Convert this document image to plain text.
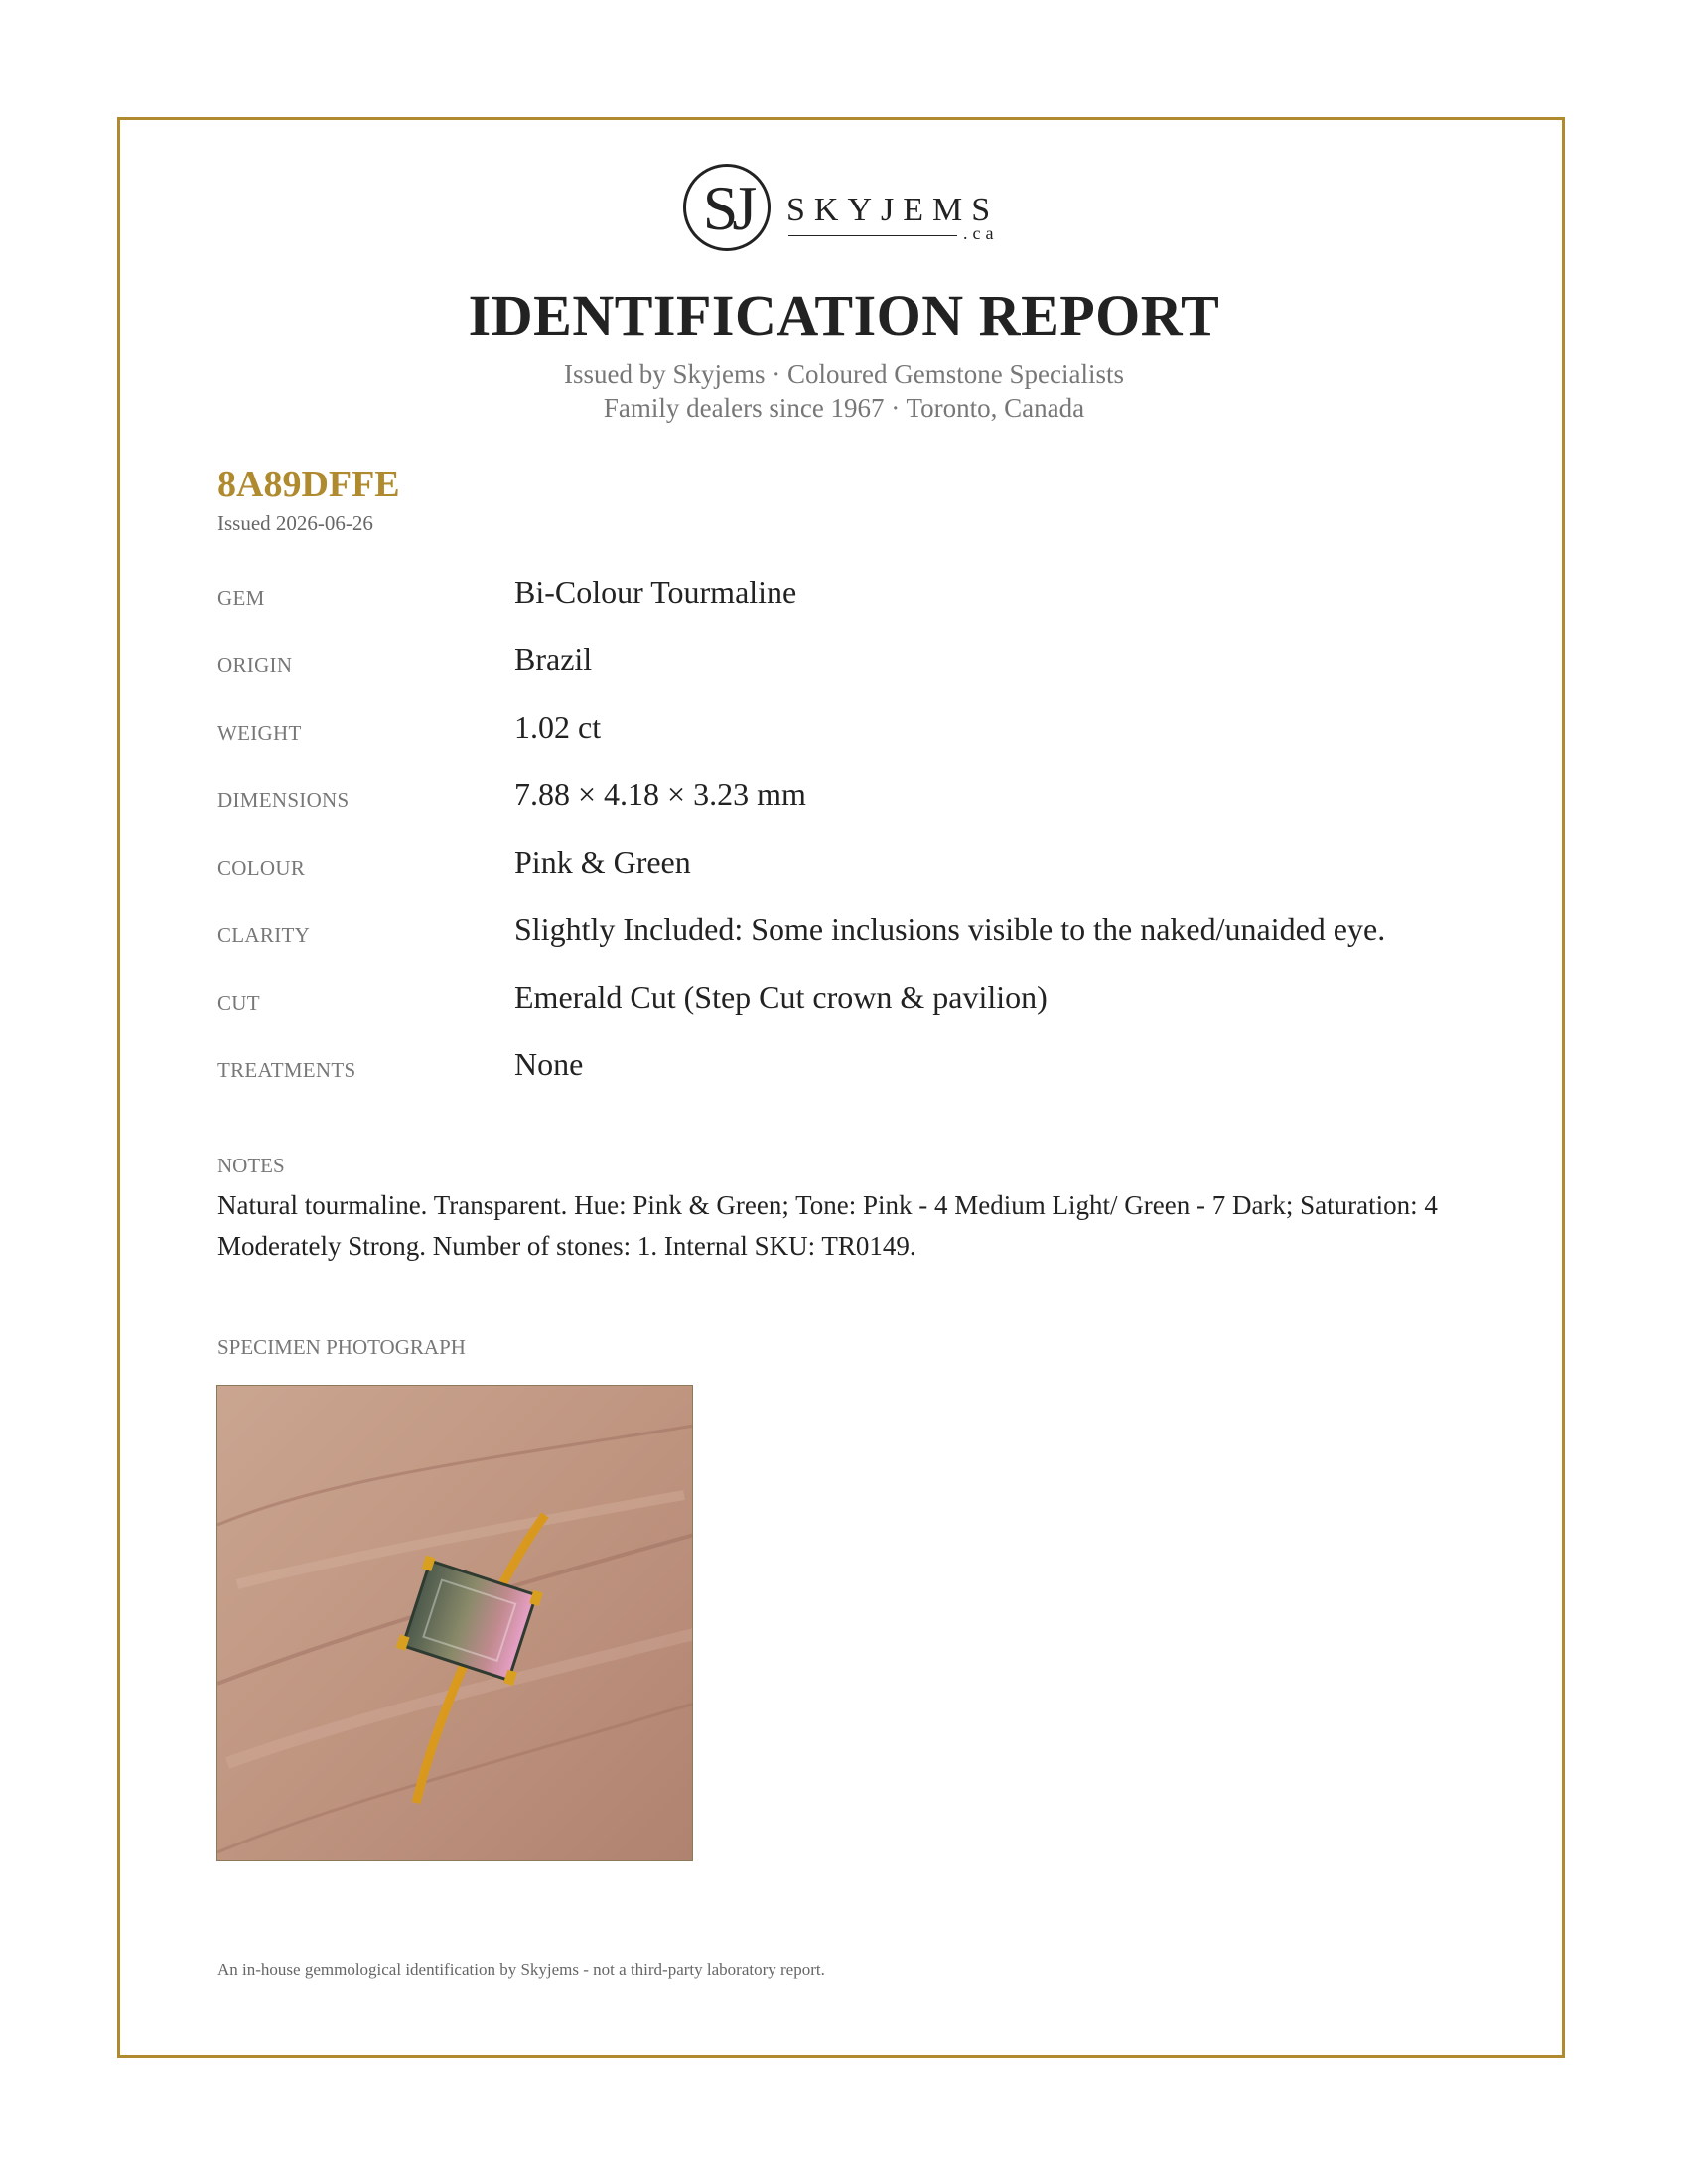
SJ	SKYJEMS
.ca
IDENTIFICATION REPORT
Issued by Skyjems · Coloured Gemstone Specialists
Family dealers since 1967 · Toronto, Canada
8A89DFFE
Issued 2026-06-26
GEM	Bi-Colour Tourmaline
ORIGIN	Brazil
WEIGHT	1.02 ct
DIMENSIONS	7.88 × 4.18 × 3.23 mm
COLOUR	Pink & Green
CLARITY	Slightly Included: Some inclusions visible to the naked/unaided eye.
CUT	Emerald Cut (Step Cut crown & pavilion)
TREATMENTS	None
NOTES
Natural tourmaline. Transparent. Hue: Pink & Green; Tone: Pink - 4 Medium Light/ Green - 7 Dark; Saturation: 4 Moderately Strong. Number of stones: 1. Internal SKU: TR0149.
SPECIMEN PHOTOGRAPH
An in-house gemmological identification by Skyjems - not a third-party laboratory report.
